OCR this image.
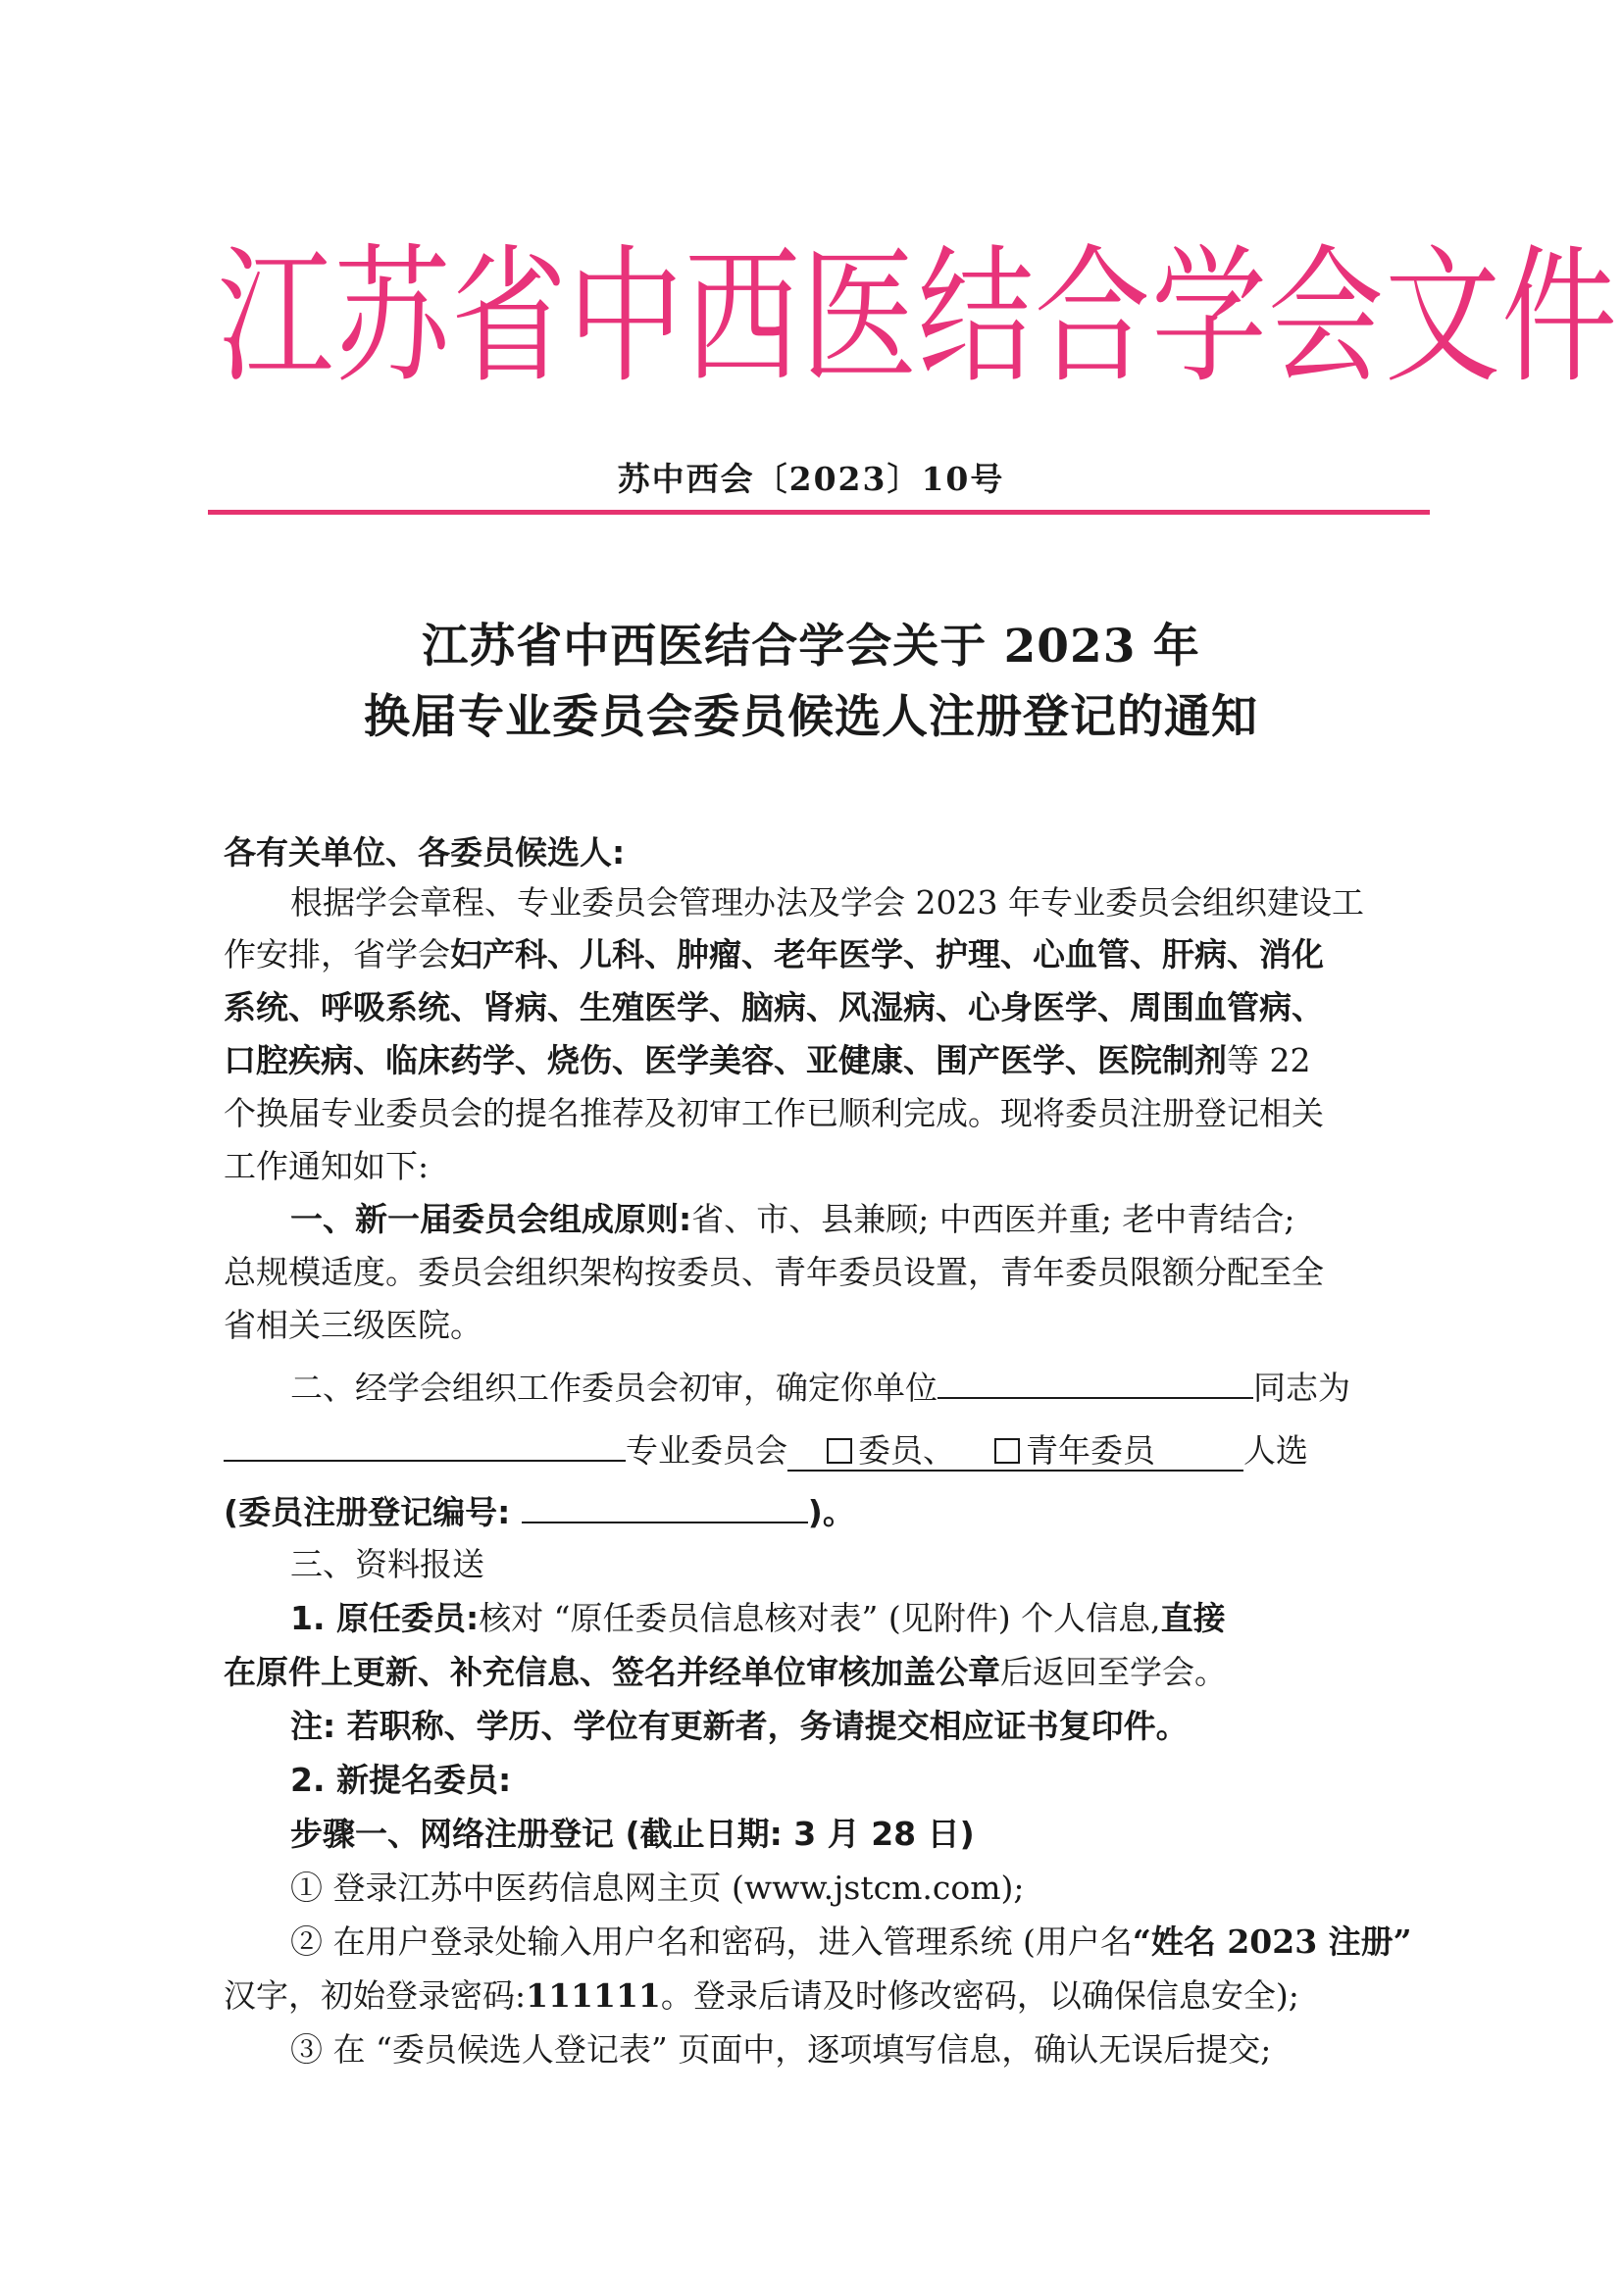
江苏省中西医结合学会文件
苏中西会〔2023〕10号
江苏省中西医结合学会关于 2023 年
换届专业委员会委员候选人注册登记的通知
各有关单位、各委员候选人:
根据学会章程、专业委员会管理办法及学会 2023 年专业委员会组织建设工
作安排，省学会妇产科、儿科、肿瘤、老年医学、护理、心血管、肝病、消化
系统、呼吸系统、肾病、生殖医学、脑病、风湿病、心身医学、周围血管病、
口腔疾病、临床药学、烧伤、医学美容、亚健康、围产医学、医院制剂等 22
个换届专业委员会的提名推荐及初审工作已顺利完成。现将委员注册登记相关
工作通知如下:
一、新一届委员会组成原则:省、市、县兼顾; 中西医并重; 老中青结合;
总规模适度。委员会组织架构按委员、青年委员设置，青年委员限额分配至全
省相关三级医院。
二、经学会组织工作委员会初审，确定你单位	同志为
专业委员会 委员、 青年委员	人选
(委员注册登记编号:	)。
三、资料报送
1. 原任委员:核对 “原任委员信息核对表” (见附件) 个人信息,直接
在原件上更新、补充信息、签名并经单位审核加盖公章后返回至学会。
注: 若职称、学历、学位有更新者，务请提交相应证书复印件。
2. 新提名委员:
步骤一、网络注册登记 (截止日期: 3 月 28 日)
① 登录江苏中医药信息网主页 (www.jstcm.com);
② 在用户登录处输入用户名和密码，进入管理系统 (用户名“姓名 2023 注册”
汉字，初始登录密码:111111。登录后请及时修改密码，以确保信息安全);
③ 在 “委员候选人登记表” 页面中，逐项填写信息，确认无误后提交;
